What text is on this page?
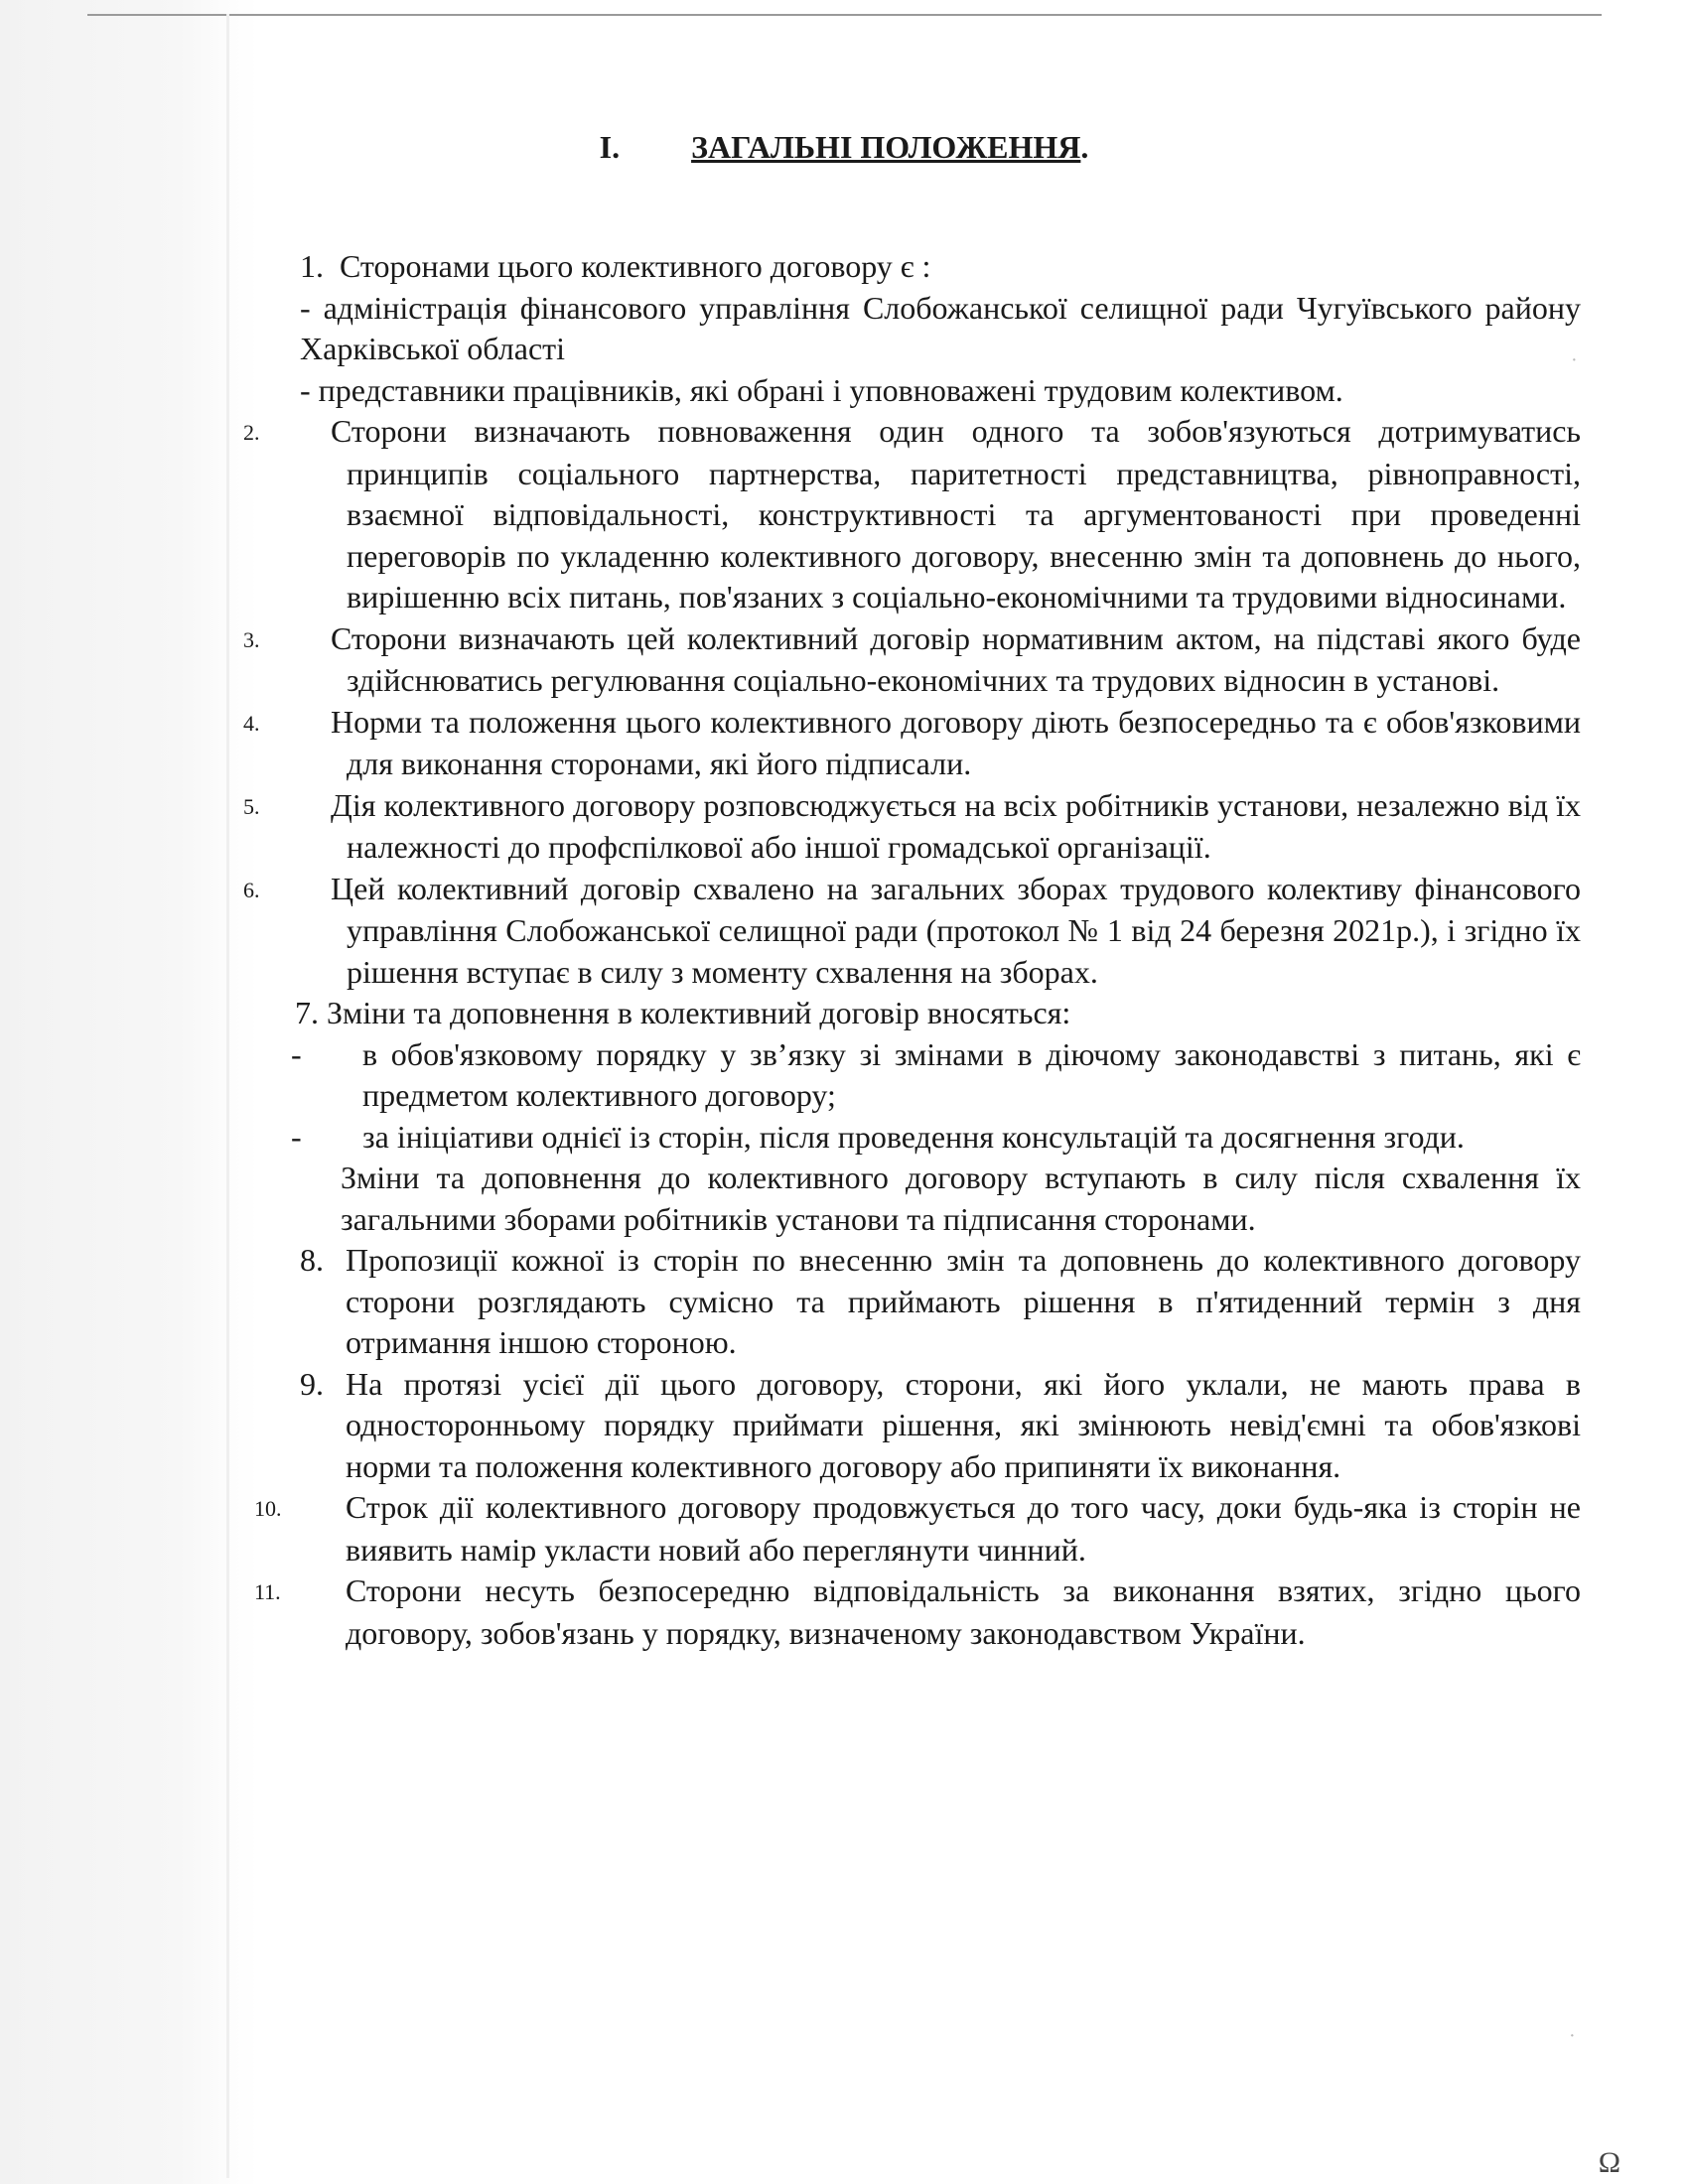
I. ЗАГАЛЬНІ ПОЛОЖЕННЯ.
1. Сторонами цього колективного договору є :
- адміністрація фінансового управління Слобожанської селищної ради Чугуївського району Харківської області
- представники працівників, які обрані і уповноважені трудовим колективом.
2. Сторони визначають повноваження один одного та зобов'язуються дотримуватись принципів соціального партнерства, паритетності представництва, рівноправності, взаємної відповідальності, конструктивності та аргументованості при проведенні переговорів по укладенню колективного договору, внесенню змін та доповнень до нього, вирішенню всіх питань, пов'язаних з соціально-економічними та трудовими відносинами.
3. Сторони визначають цей колективний договір нормативним актом, на підставі якого буде здійснюватись регулювання соціально-економічних та трудових відносин в установі.
4. Норми та положення цього колективного договору діють безпосередньо та є обов'язковими для виконання сторонами, які його підписали.
5. Дія колективного договору розповсюджується на всіх робітників установи, незалежно від їх належності до профспілкової або іншої громадської організації.
6. Цей колективний договір схвалено на загальних зборах трудового колективу фінансового управління Слобожанської селищної ради (протокол № 1 від 24 березня 2021р.), і згідно їх рішення вступає в силу з моменту схвалення на зборах.
7. Зміни та доповнення в колективний договір вносяться:
- в обов'язковому порядку у зв’язку зі змінами в діючому законодавстві з питань, які є предметом колективного договору;
- за ініціативи однієї із сторін, після проведення консультацій та досягнення згоди.
Зміни та доповнення до колективного договору вступають в силу після схвалення їх загальними зборами робітників установи та підписання сторонами.
8. Пропозиції кожної із сторін по внесенню змін та доповнень до колективного договору сторони розглядають сумісно та приймають рішення в п'ятиденний термін з дня отримання іншою стороною.
9. На протязі усієї дії цього договору, сторони, які його уклали, не мають права в односторонньому порядку приймати рішення, які змінюють невід'ємні та обов'язкові норми та положення колективного договору або припиняти їх виконання.
10. Строк дії колективного договору продовжується до того часу, доки будь-яка із сторін не виявить намір укласти новий або переглянути чинний.
11. Сторони несуть безпосередню відповідальність за виконання взятих, згідно цього договору, зобов'язань у порядку, визначеному законодавством України.
·
·
Ω
